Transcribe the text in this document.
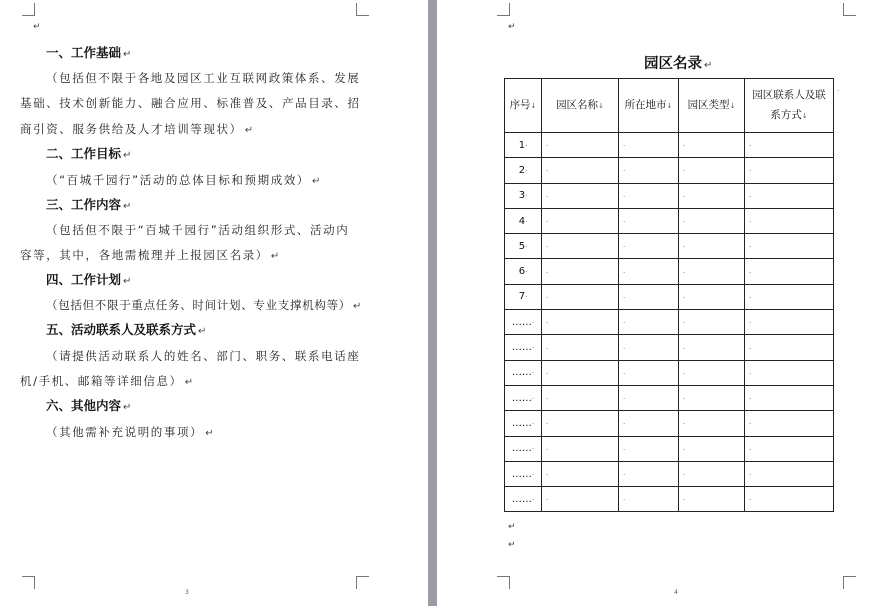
↵
一、工作基础 ↵
（包括但不限于各地及园区工业互联网政策体系、发展
基础、技术创新能力、融合应用、标准普及、产品目录、招
商引资、服务供给及人才培训等现状） ↵
二、工作目标 ↵
（“百城千园行”活动的总体目标和预期成效） ↵
三、工作内容 ↵
（包括但不限于“百城千园行”活动组织形式、活动内
容等，其中，各地需梳理并上报园区名录） ↵
四、工作计划 ↵
（包括但不限于重点任务、时间计划、专业支撑机构等） ↵
五、活动联系人及联系方式 ↵
（请提供活动联系人的姓名、部门、职务、联系电话座
机/手机、邮箱等详细信息） ↵
六、其他内容 ↵
（其他需补充说明的事项） ↵
3
↵
园区名录 ↵
序号↓	园区名称↓	所在地市↓	园区类型↓	园区联系人及联系方式↓
1·	·	·	·	·
2·	·	·	·	·
3·	·	·	·	·
4·	·	·	·	·
5·	·	·	·	·
6·	·	·	·	·
7·	·	·	·	·
……·	·	·	·	·
……·	·	·	·	·
……·	·	·	·	·
……·	·	·	·	·
……·	·	·	·	·
……·	·	·	·	·
……·	·	·	·	·
……·	·	·	·	·
·
↵
↵
4
